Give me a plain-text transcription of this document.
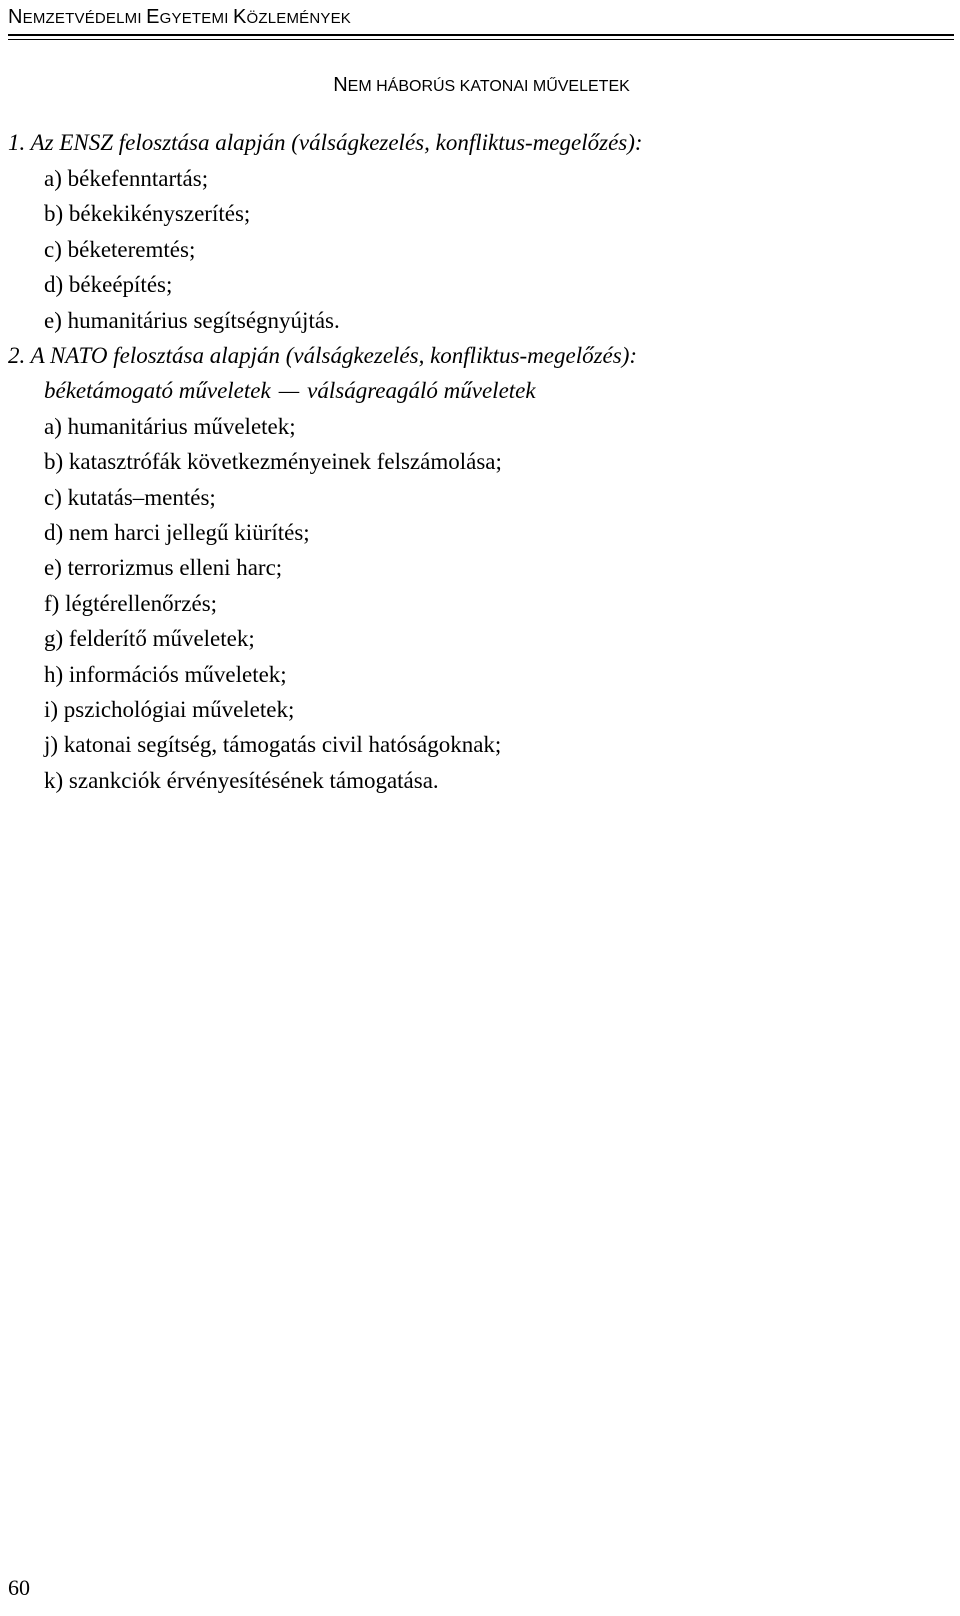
NEMZETVÉDELMI EGYETEMI KÖZLEMÉNYEK
NEM HÁBORÚS KATONAI MŰVELETEK
1. Az ENSZ felosztása alapján (válságkezelés, konfliktus-megelőzés):
a) békefenntartás;
b) békekikényszerítés;
c) béketeremtés;
d) békeépítés;
e) humanitárius segítségnyújtás.
2. A NATO felosztása alapján (válságkezelés, konfliktus-megelőzés):
béketámogató műveletek — válságreagáló műveletek
a) humanitárius műveletek;
b) katasztrófák következményeinek felszámolása;
c) kutatás–mentés;
d) nem harci jellegű kiürítés;
e) terrorizmus elleni harc;
f) légtérellenőrzés;
g) felderítő műveletek;
h) információs műveletek;
i) pszichológiai műveletek;
j) katonai segítség, támogatás civil hatóságoknak;
k) szankciók érvényesítésének támogatása.
60
